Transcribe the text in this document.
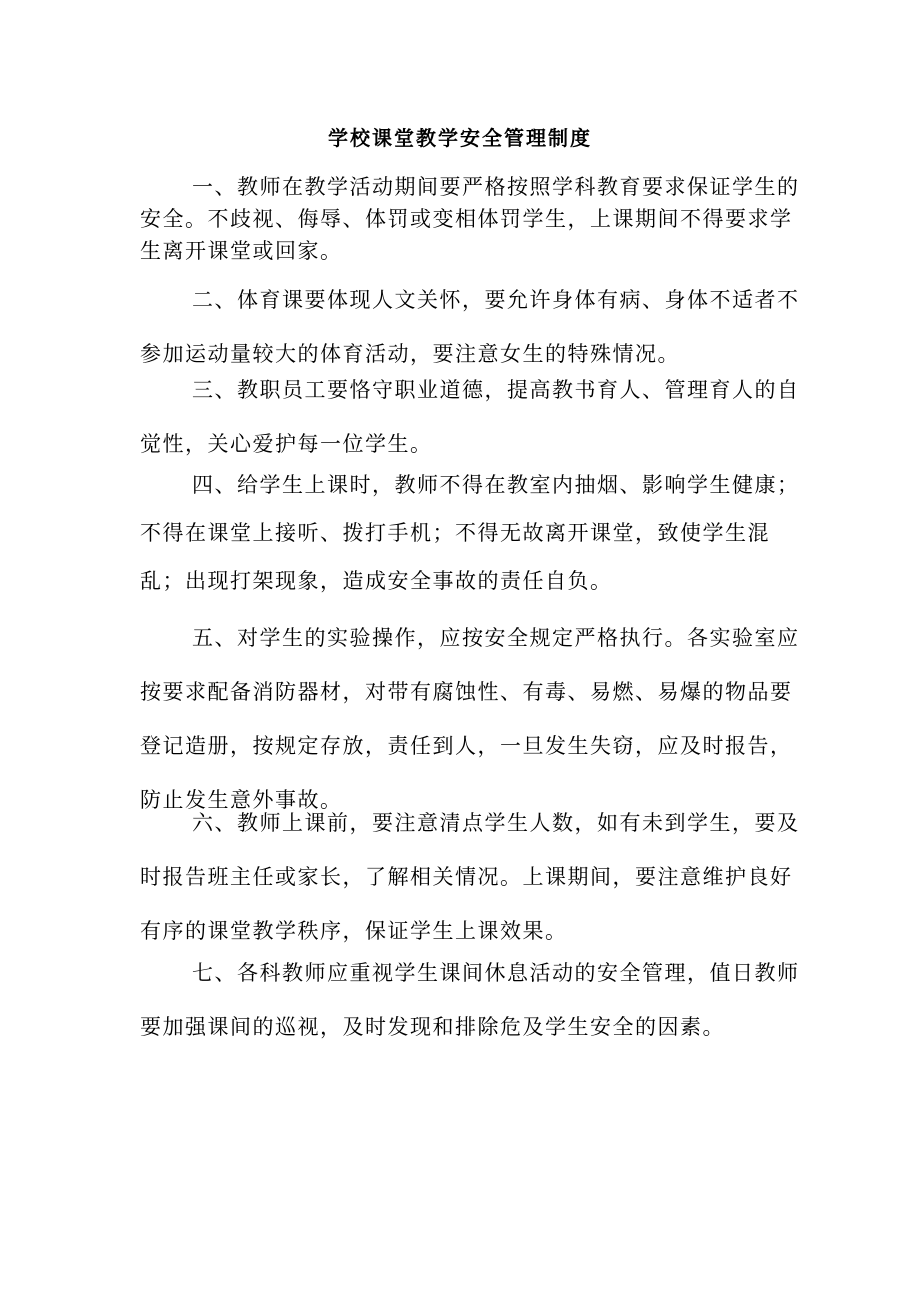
学校课堂教学安全管理制度

一、教师在教学活动期间要严格按照学科教育要求保证学生的安全。不歧视、侮辱、体罚或变相体罚学生，上课期间不得要求学生离开课堂或回家。

二、体育课要体现人文关怀，要允许身体有病、身体不适者不参加运动量较大的体育活动，要注意女生的特殊情况。

三、教职员工要恪守职业道德，提高教书育人、管理育人的自觉性，关心爱护每一位学生。

四、给学生上课时，教师不得在教室内抽烟、影响学生健康；不得在课堂上接听、拨打手机；不得无故离开课堂，致使学生混乱；出现打架现象，造成安全事故的责任自负。

五、对学生的实验操作，应按安全规定严格执行。各实验室应按要求配备消防器材，对带有腐蚀性、有毒、易燃、易爆的物品要登记造册，按规定存放，责任到人，一旦发生失窃，应及时报告，防止发生意外事故。

六、教师上课前，要注意清点学生人数，如有未到学生，要及时报告班主任或家长，了解相关情况。上课期间，要注意维护良好有序的课堂教学秩序，保证学生上课效果。

七、各科教师应重视学生课间休息活动的安全管理，值日教师要加强课间的巡视，及时发现和排除危及学生安全的因素。
